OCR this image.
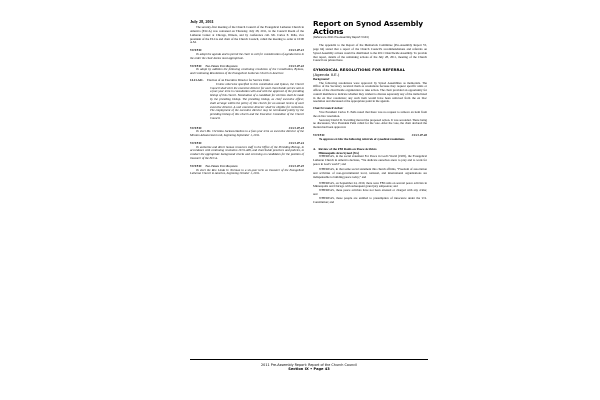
July 28, 2011

The seventy-first meeting of the Church Council of the Evangelical Lutheran Church in America (ELCA) was convened on Thursday, July 28, 2011, in the Council Room of the Lutheran Center at Chicago, Illinois, and by conference call. Mr. Carlos E. Peña, vice president of the ELCA and chair of the Church Council, called the meeting to order at 10:00 A.M.

VOTED:	CC11.07.41

To adopt the agenda and to permit the chair to call for consideration of agenda items in the order the chair deems most appropriate.

VOTED:	Two-Thirds Vote Required	CC11.07.42

To adopt by addition the following continuing resolution of the Constitution, Bylaws, and Continuing Resolutions of the Evangelical Lutheran Church in America:

14.21.A11.	Election of an Executive Director for Service Units

Unless otherwise specified in this constitution and bylaws, the Church Council shall elect the executive director for each churchwide service unit to a four-year term in consultation with and with the approval of the presiding bishop of this church. Nomination of a candidate for election shall be made by the presiding bishop. The presiding bishop, as chief executive officer, shall arrange within the policy of this church for an annual review of each executive director. A unit executive director shall be eligible for reelection. The employment of the executive director may be terminated jointly by the presiding bishop of this church and the Executive Committee of the Church Council.

VOTED:	CC11.07.43

To elect Ms. Christina Jackson-Skelton to a four-year term as executive director of the Mission Advancement unit, beginning September 1, 2011.

VOTED:	CC11.07.44

To authorize and direct human resources staff in the Office of the Presiding Bishop, in accordance with continuing resolution 19.31.A09, and churchwide practices and policies, to conduct the appropriate background checks and screening on candidates for the position of treasurer of the ELCA.

VOTED:	Two-Thirds Vote Required	CC11.07.45

To elect the Rev. Linda O. Norman to a six-year term as treasurer of the Evangelical Lutheran Church in America, beginning October 1, 2011.

Report on Synod Assembly Actions
(Reference 2011 Pre-Assembly Report VI.64)

The appendix to the Report of the Memorials Committee (Pre-Assembly Report VI, page 64) stated that a report of the Church Council's recommendations and referrals on Synod Assembly actions would be distributed to the 2011 Churchwide Assembly. To provide that report, details of the remaining actions of the July 28, 2011, meeting of the Church Council are printed here.

SYNODICAL RESOLUTIONS FOR REFERRAL
(Agenda II.E.)
Background:

The following resolutions were approved by Synod Assemblies as memorials. The Office of the Secretary received them as resolutions because they request specific units or offices of the churchwide organization to take action. The chair provided an opportunity for council members to indicate whether they wished to discuss separately any of the items listed in the en bloc resolution; any such item would have been removed from the en bloc resolution and discussed at the appropriate point in the agenda.

Church Council Action:

Vice President Carlos E. Peña noted that there was no request to remove an item from the en bloc resolution.

Secretary David D. Swartling moved the proposed action. It was seconded. There being no discussion, Vice President Peña called for the vote. After the vote, the chair declared the motion had been approved.

VOTED:	CC11.07.46

To approve en bloc the following referrals of synodical resolutions.

A. Review of the FBI Raids on Peace Activists
Minneapolis Area Synod (3G)

WHEREAS, in the social statement For Peace in God's World (1995), the Evangelical Lutheran Church in America declares, "We dedicate ourselves anew to pray and to work for peace in God's world"; and

WHEREAS, in that same social statement this church affirms, "Freedom of association and activities of non-governmental local, national, and international organizations are indispensable to building peace today;" and

WHEREAS, on September 24, 2010, there were FBI raids on several peace activists in Minneapolis and Chicago with subsequent grand jury subpoenas; and

WHEREAS, these peace activists have not been arrested or charged with any crime; and

WHEREAS, these people are entitled to presumption of innocence under the U.S. Constitution; and

2011 Pre-Assembly Report: Report of the Church Council
Section IX • Page 43
